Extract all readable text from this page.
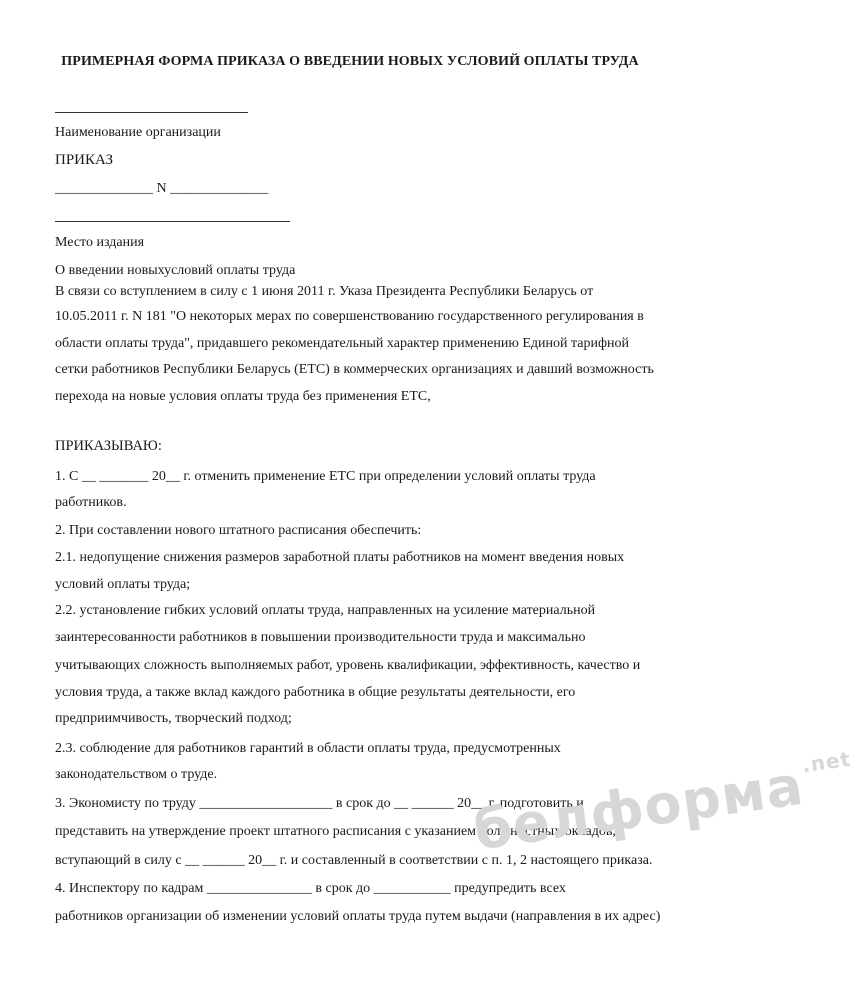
ПРИМЕРНАЯ ФОРМА ПРИКАЗА О ВВЕДЕНИИ НОВЫХ УСЛОВИЙ ОПЛАТЫ ТРУДА
Наименование организации
ПРИКАЗ
______________ N ______________
Место издания
О введении новыхусловий оплаты труда
В связи со вступлением в силу с 1 июня 2011 г. Указа Президента Республики Беларусь от
10.05.2011 г. N 181 "О некоторых мерах по совершенствованию государственного регулирования в
области оплаты труда", придавшего рекомендательный характер применению Единой тарифной
сетки работников Республики Беларусь (ЕТС) в коммерческих организациях и давший возможность
перехода на новые условия оплаты труда без применения ЕТС,
ПРИКАЗЫВАЮ:
1. С __ _______ 20__ г. отменить применение ЕТС при определении условий оплаты труда
работников.
2. При составлении нового штатного расписания обеспечить:
2.1. недопущение снижения размеров заработной платы работников на момент введения новых
условий оплаты труда;
2.2. установление гибких условий оплаты труда, направленных на усиление материальной
заинтересованности работников в повышении производительности труда и максимально
учитывающих сложность выполняемых работ, уровень квалификации, эффективность, качество и
условия труда, а также вклад каждого работника в общие результаты деятельности, его
предприимчивость, творческий подход;
2.3. соблюдение для работников гарантий в области оплаты труда, предусмотренных
законодательством о труде.
3. Экономисту по труду ___________________ в срок до __ ______ 20__ г. подготовить и
представить на утверждение проект штатного расписания с указанием должностных окладов,
вступающий в силу с __ ______ 20__ г. и составленный в соответствии с п. 1, 2 настоящего приказа.
4. Инспектору по кадрам _______________ в срок до ___________ предупредить всех
работников организации об изменении условий оплаты труда путем выдачи (направления в их адрес)
белформа$^{.net}$
